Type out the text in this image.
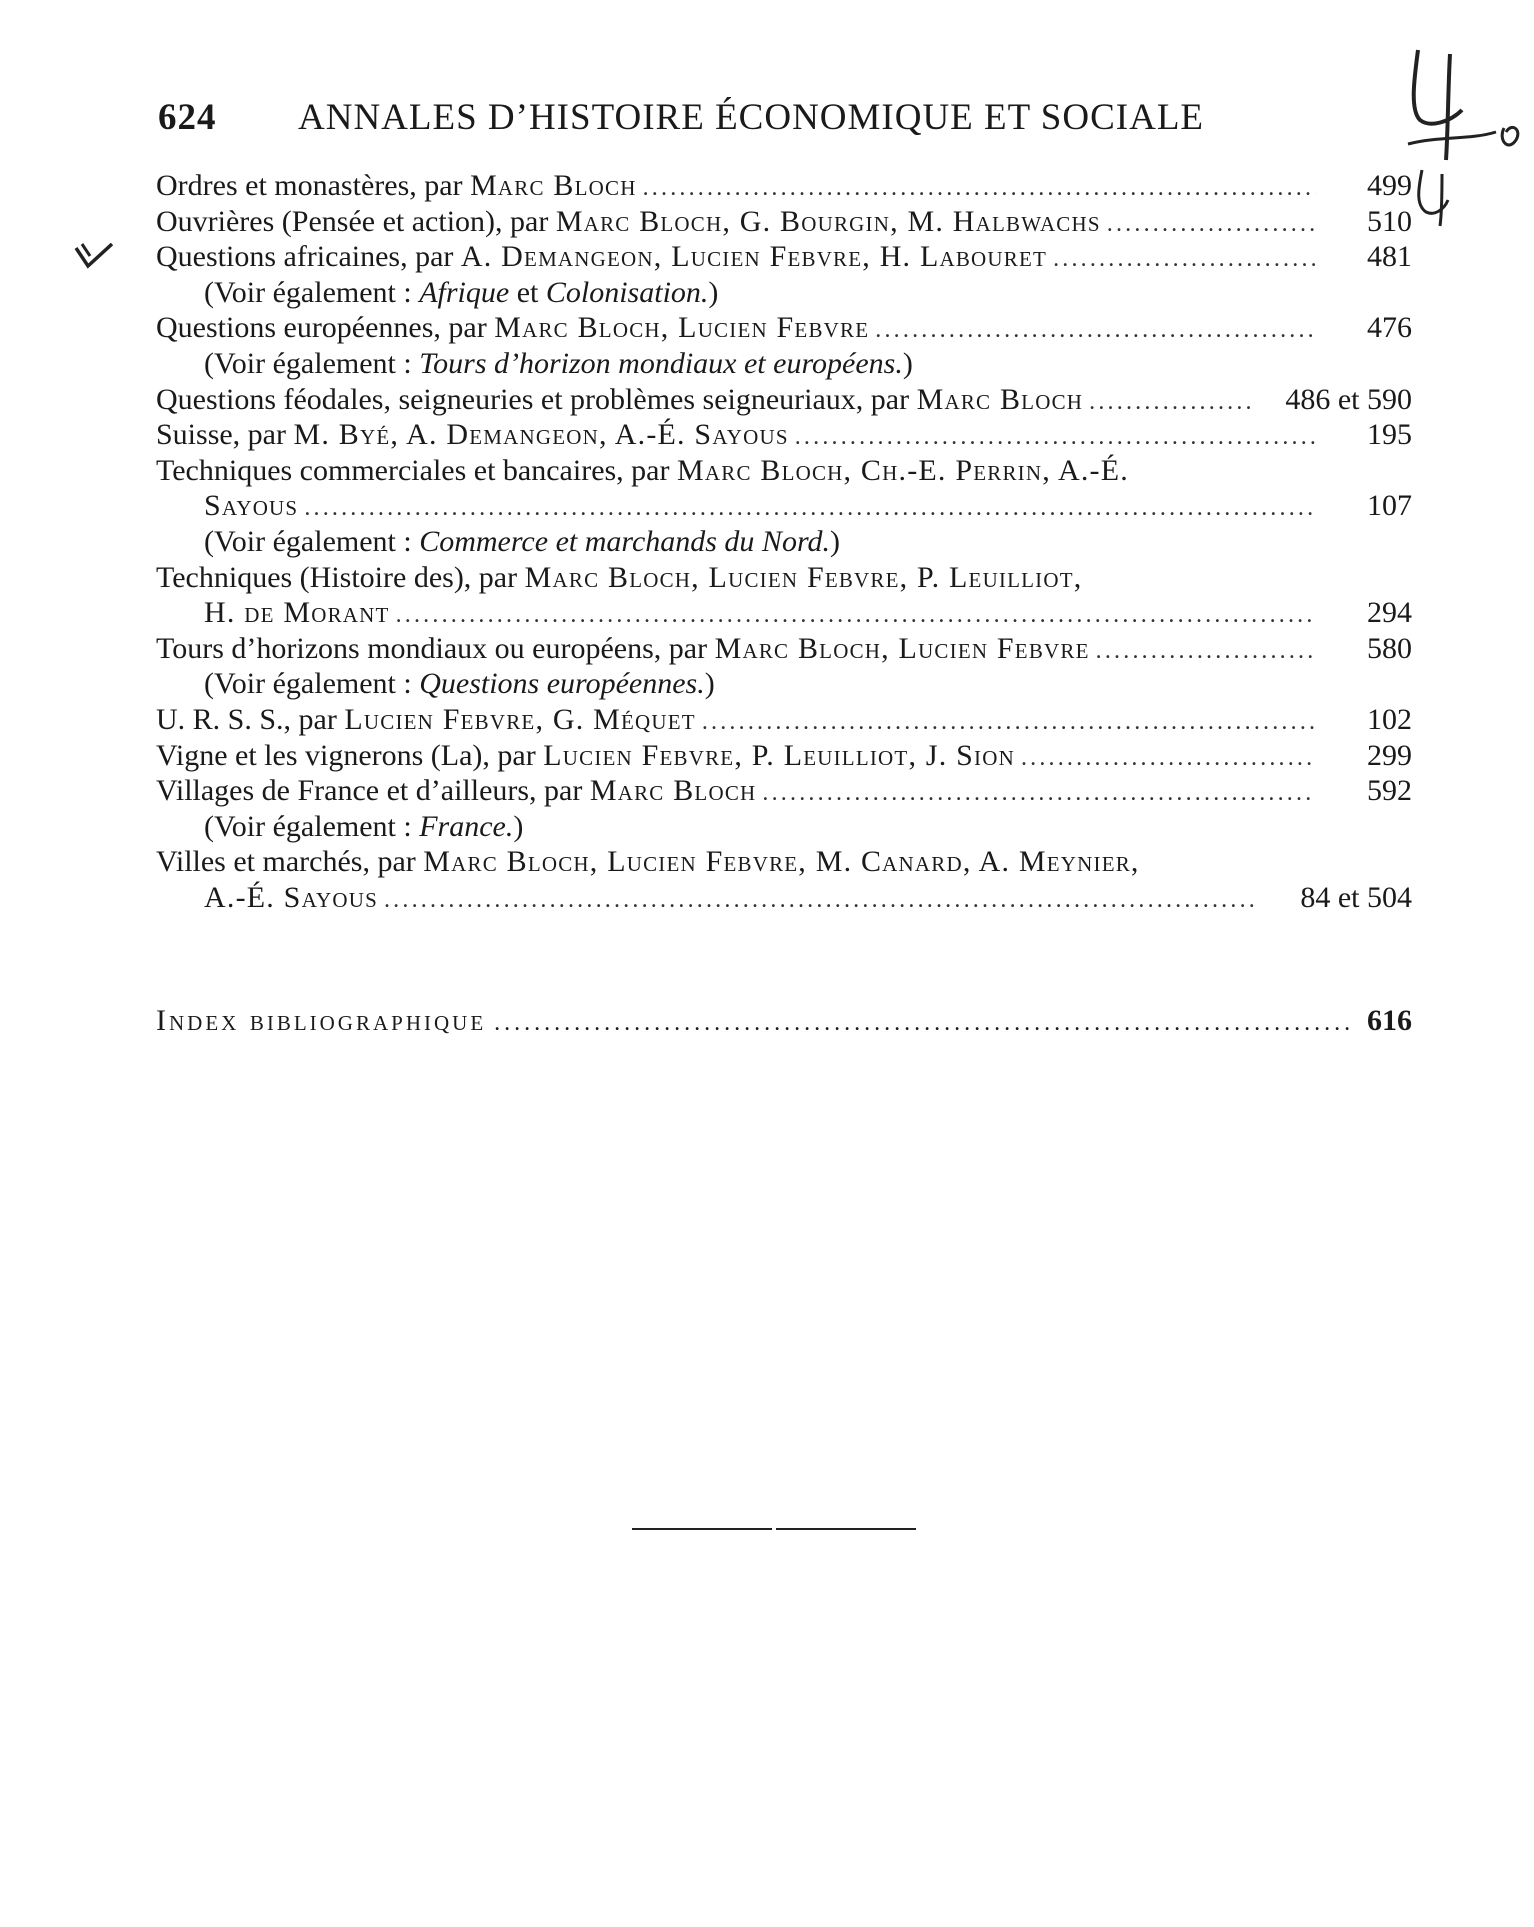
624 ANNALES D’HISTOIRE ÉCONOMIQUE ET SOCIALE
Ordres et monastères, par Marc Bloch .....	499
Ouvrières (Pensée et action), par Marc Bloch, G. Bourgin, M. Halbwachs .....	510
Questions africaines, par A. Demangeon, Lucien Febvre, H. Labouret .....	481
(Voir également : Afrique et Colonisation.)
Questions européennes, par Marc Bloch, Lucien Febvre .....	476
(Voir également : Tours d’horizon mondiaux et européens.)
Questions féodales, seigneuries et problèmes seigneuriaux, par Marc Bloch .....	486 et 590
Suisse, par M. Byé, A. Demangeon, A.-É. Sayous .....	195
Techniques commerciales et bancaires, par Marc Bloch, Ch.-E. Perrin, A.-É.
Sayous .....	107
(Voir également : Commerce et marchands du Nord.)
Techniques (Histoire des), par Marc Bloch, Lucien Febvre, P. Leuilliot,
H. de Morant .....	294
Tours d’horizons mondiaux ou européens, par Marc Bloch, Lucien Febvre .....	580
(Voir également : Questions européennes.)
U. R. S. S., par Lucien Febvre, G. Méquet .....	102
Vigne et les vignerons (La), par Lucien Febvre, P. Leuilliot, J. Sion .....	299
Villages de France et d’ailleurs, par Marc Bloch .....	592
(Voir également : France.)
Villes et marchés, par Marc Bloch, Lucien Febvre, M. Canard, A. Meynier,
A.-É. Sayous .....	84 et 504
Index bibliographique .....	616
